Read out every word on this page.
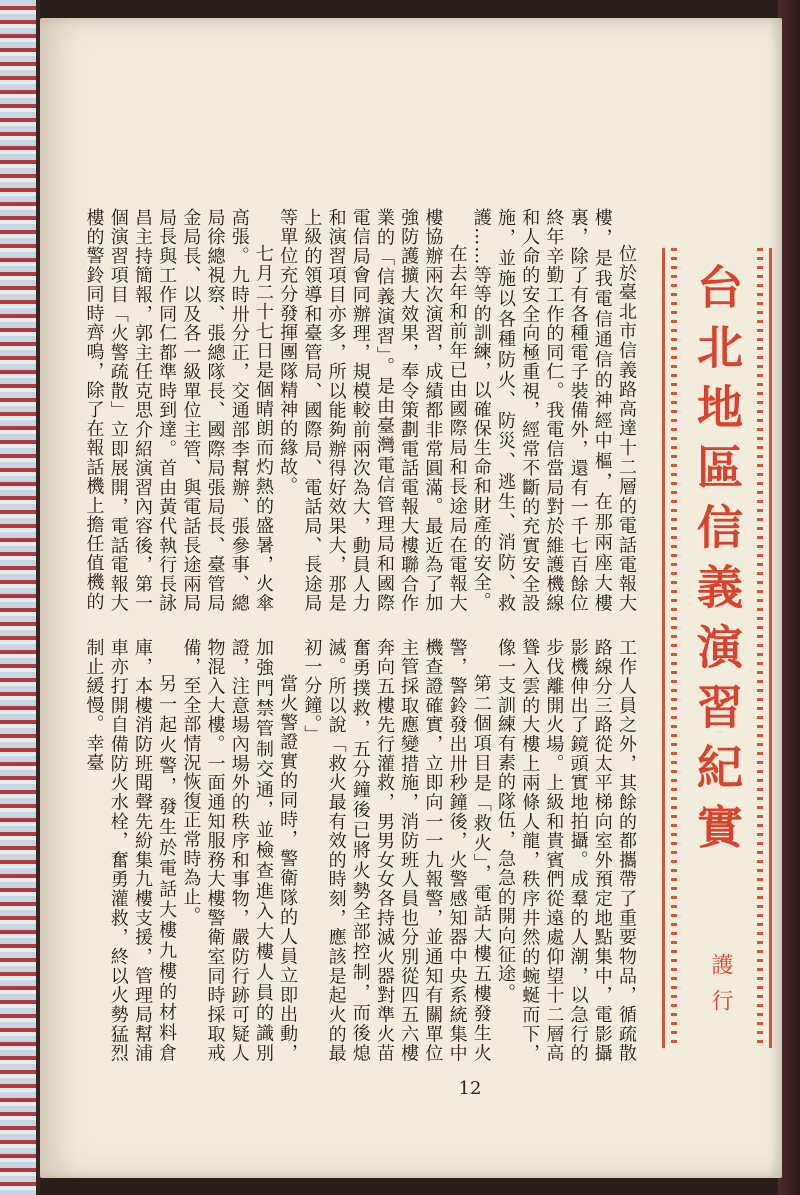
台北地區信義演習紀實
護行

位於臺北市信義路高達十二層的電話電報大樓，是我電信通信的神經中樞，在那兩座大樓裏，除了有各種電子裝備外，還有一千七百餘位終年辛勤工作的同仁。我電信當局對於維護機線和人命的安全向極重視，經常不斷的充實安全設施，並施以各種防火、防災、逃生、消防、救護……等等的訓練，以確保生命和財產的安全。

在去年和前年已由國際局和長途局在電報大樓協辦兩次演習，成績都非常圓滿。最近為了加強防護擴大效果，奉令策劃電話電報大樓聯合作業的「信義演習」。是由臺灣電信管理局和國際電信局會同辦理，規模較前兩次為大，動員人力和演習項目亦多，所以能夠辦得好效果大，那是上級的領導和臺管局、國際局、電話局、長途局等單位充分發揮團隊精神的緣故。

七月二十七日是個晴朗而灼熱的盛暑，火傘高張。九時卅分正，交通部李幫辦、張參事、總局徐總視察、張總隊長、國際局張局長、臺管局金局長、以及各一級單位主管、與電話長途兩局局長與工作同仁都準時到達。首由黃代執行長詠昌主持簡報，郭主任克思介紹演習內容後，第一個演習項目「火警疏散」立即展開，電話電報大樓的警鈴同時齊鳴，除了在報話機上擔任值機的

工作人員之外，其餘的都攜帶了重要物品，循疏散路線分三路從太平梯向室外預定地點集中，電影攝影機伸出了鏡頭實地拍攝。成羣的人潮，以急行的步伐離開火場。上級和貴賓們從遠處仰望十二層高聳入雲的大樓上兩條人龍，秩序井然的蜿蜒而下，像一支訓練有素的隊伍，急急的開向征途。

第二個項目是「救火」，電話大樓五樓發生火警，警鈴發出卅秒鐘後，火警感知器中央系統集中機查證確實，立即向一一九報警，並通知有關單位主管採取應變措施，消防班人員也分別從四五六樓奔向五樓先行灌救，男男女女各持滅火器對準火苗奮勇撲救，五分鐘後已將火勢全部控制，而後熄滅。所以說「救火最有效的時刻，應該是起火的最初一分鐘。」

當火警證實的同時，警衛隊的人員立即出動，加強門禁管制交通，並檢查進入大樓人員的識別證，注意場內場外的秩序和事物，嚴防行跡可疑人物混入大樓。一面通知服務大樓警衛室同時採取戒備，至全部情況恢復正常時為止。

另一起火警，發生於電話大樓九樓的材料倉庫，本樓消防班聞聲先紛集九樓支援，管理局幫浦車亦打開自備防火水栓，奮勇灌救，終以火勢猛烈制止緩慢。幸臺

12
